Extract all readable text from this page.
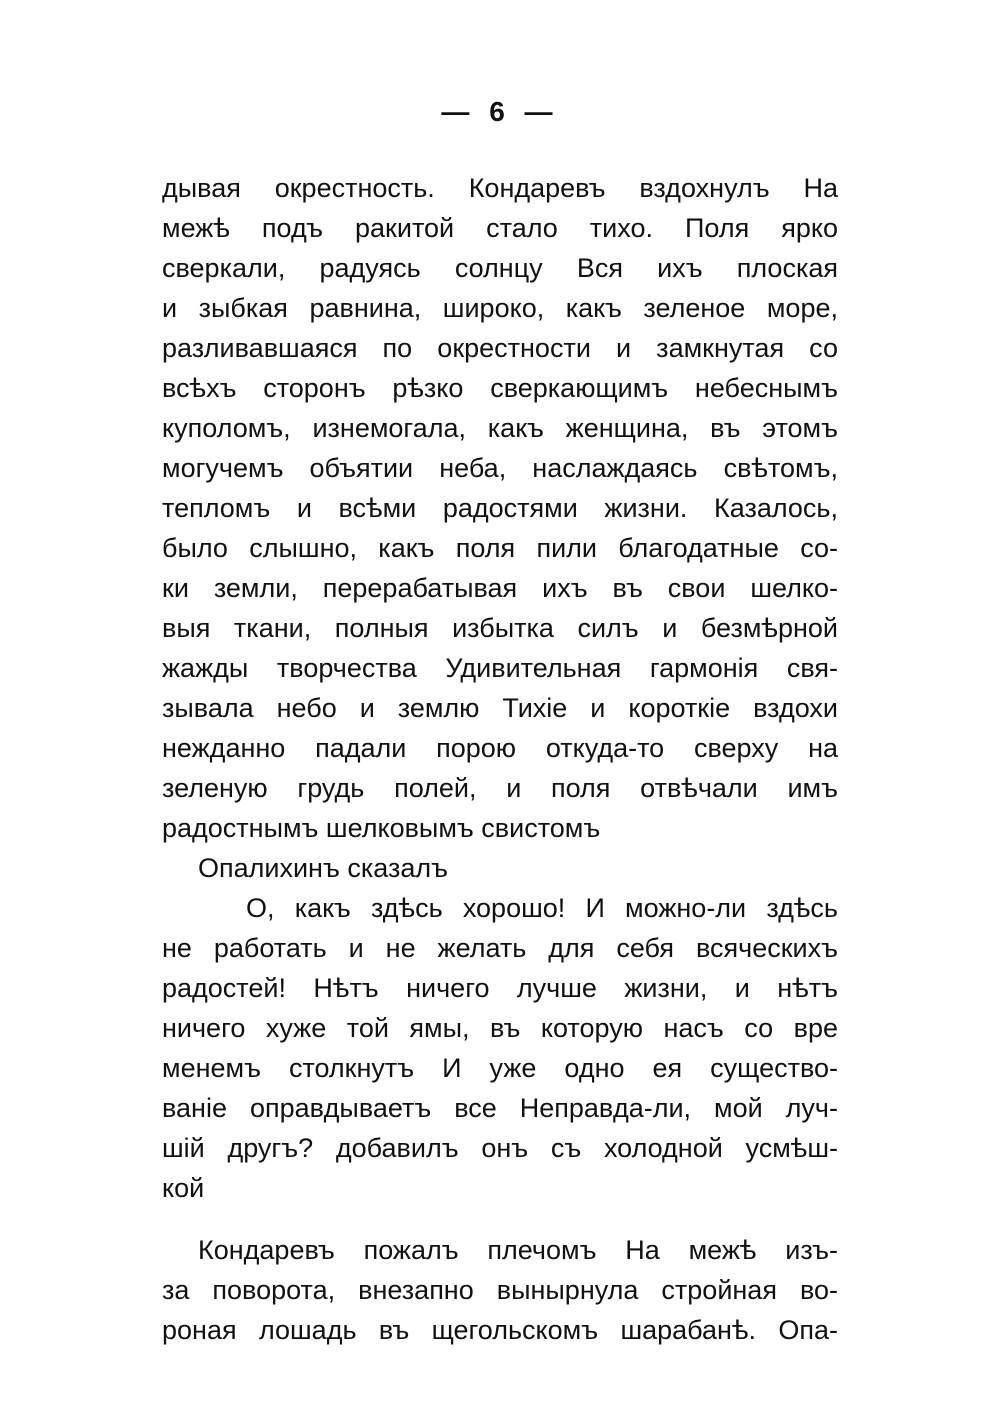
— 6 —
дывая окрестность. Кондаревъ вздохнулъ На
межѣ подъ ракитой стало тихо. Поля ярко
сверкали, радуясь солнцу Вся ихъ плоская
и зыбкая равнина, широко, какъ зеленое море,
разливавшаяся по окрестности и замкнутая со
всѣхъ сторонъ рѣзко сверкающимъ небеснымъ
куполомъ, изнемогала, какъ женщина, въ этомъ
могучемъ объятии неба, наслаждаясь свѣтомъ,
тепломъ и всѣми радостями жизни. Казалось,
было слышно, какъ поля пили благодатные со-
ки земли, перерабатывая ихъ въ свои шелко-
выя ткани, полныя избытка силъ и безмѣрной
жажды творчества Удивительная гармонія свя-
зывала небо и землю Тихіе и короткіе вздохи
нежданно падали порою откуда-то сверху на
зеленую грудь полей, и поля отвѣчали имъ
радостнымъ шелковымъ свистомъ
Опалихинъ сказалъ
О, какъ здѣсь хорошо! И можно-ли здѣсь
не работать и не желать для себя всяческихъ
радостей! Нѣтъ ничего лучше жизни, и нѣтъ
ничего хуже той ямы, въ которую насъ со вре
менемъ столкнутъ И уже одно ея существо-
ваніе оправдываетъ все Неправда-ли, мой луч-
шій другъ? добавилъ онъ съ холодной усмѣш-
кой
Кондаревъ пожалъ плечомъ На межѣ изъ-
за поворота, внезапно вынырнула стройная во-
роная лошадь въ щегольскомъ шарабанѣ. Опа-
